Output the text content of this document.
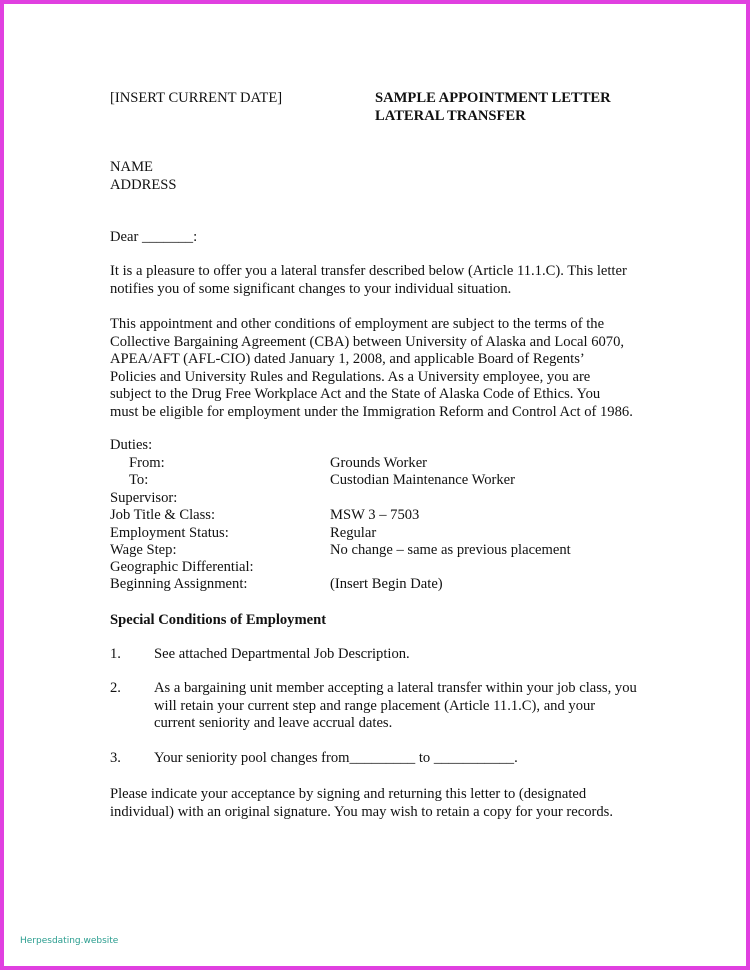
[INSERT CURRENT DATE]	SAMPLE APPOINTMENT LETTER
LATERAL TRANSFER
NAME
ADDRESS
Dear _______:
It is a pleasure to offer you a lateral transfer described below (Article 11.1.C). This letter
notifies you of some significant changes to your individual situation.
This appointment and other conditions of employment are subject to the terms of the
Collective Bargaining Agreement (CBA) between University of Alaska and Local 6070,
APEA/AFT (AFL-CIO) dated January 1, 2008, and applicable Board of Regents’
Policies and University Rules and Regulations. As a University employee, you are
subject to the Drug Free Workplace Act and the State of Alaska Code of Ethics. You
must be eligible for employment under the Immigration Reform and Control Act of 1986.
Duties:
From:	Grounds Worker
To:	Custodian Maintenance Worker
Supervisor:
Job Title & Class:	MSW 3 – 7503
Employment Status:	Regular
Wage Step:	No change – same as previous placement
Geographic Differential:
Beginning Assignment:	(Insert Begin Date)
Special Conditions of Employment
1. See attached Departmental Job Description.
2. As a bargaining unit member accepting a lateral transfer within your job class, you
will retain your current step and range placement (Article 11.1.C), and your
current seniority and leave accrual dates.
3. Your seniority pool changes from_________ to ___________.
Please indicate your acceptance by signing and returning this letter to (designated
individual) with an original signature. You may wish to retain a copy for your records.
Herpesdating.website
